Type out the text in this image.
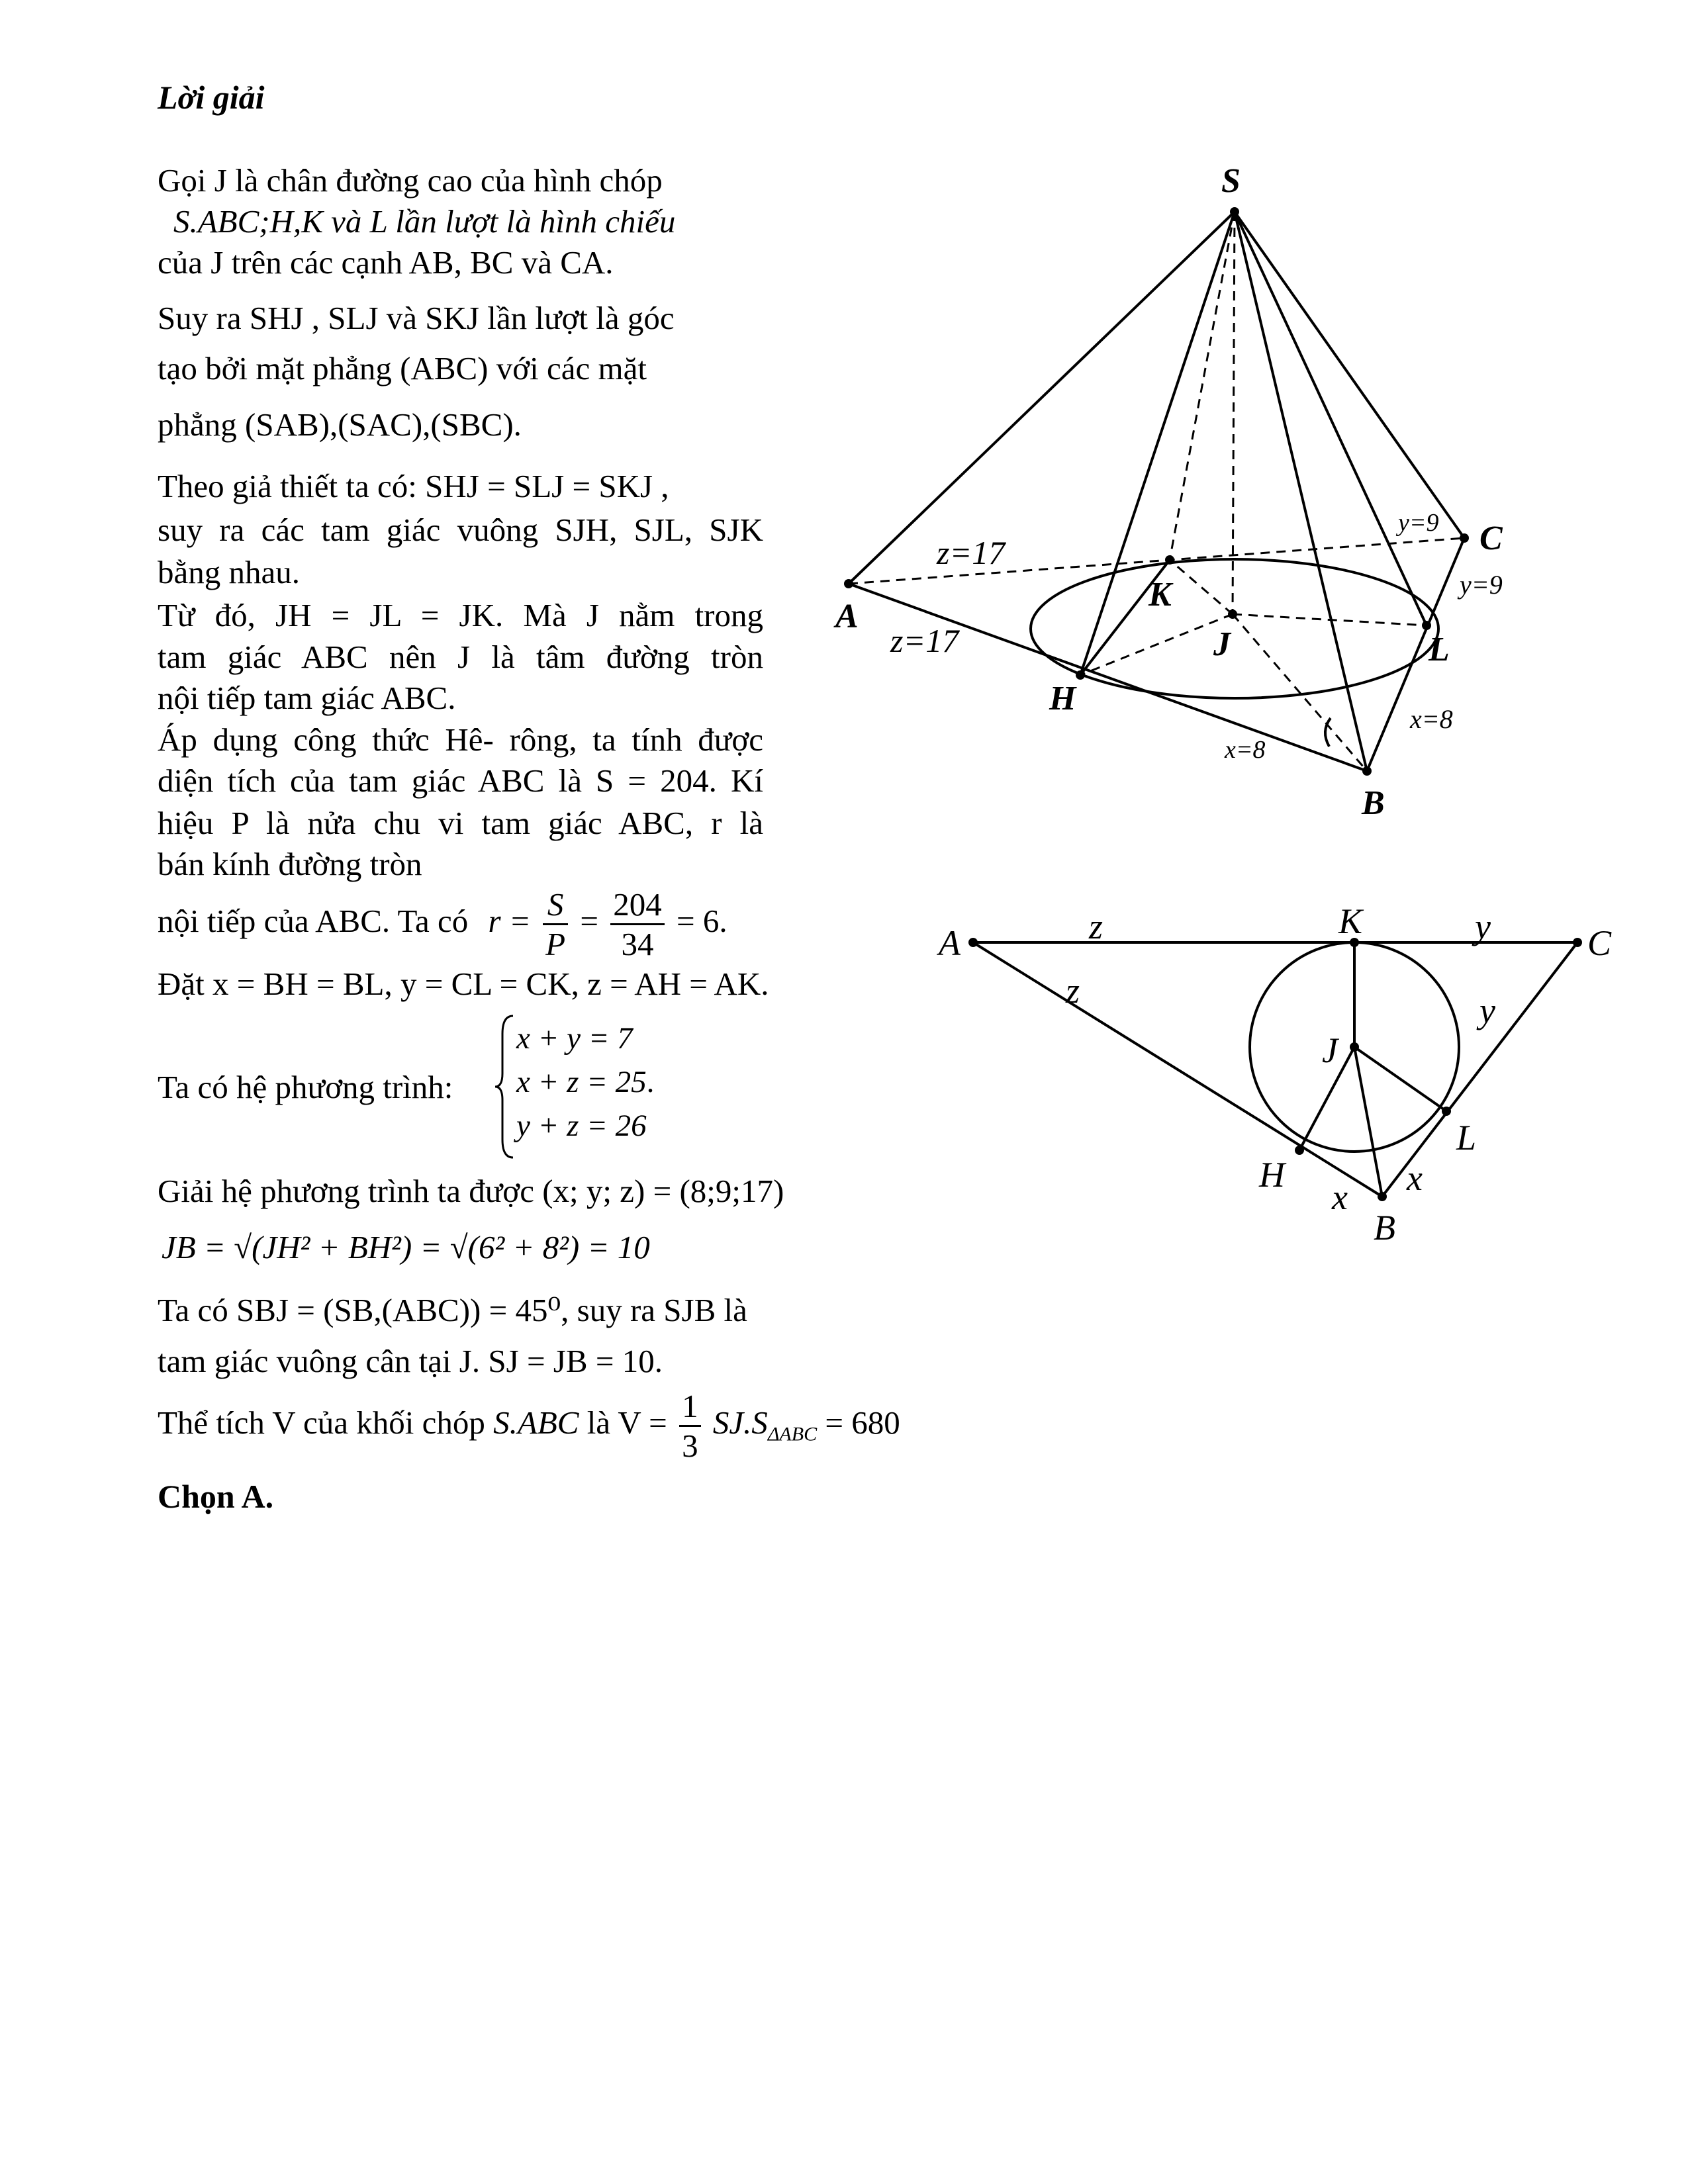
Lời giải
Gọi J là chân đường cao của hình chóp
S.ABC;H,K và L lần lượt là hình chiếu
của J trên các cạnh AB, BC và CA.
Suy ra SHJ , SLJ và SKJ lần lượt là góc
tạo bởi mặt phẳng (ABC) với các mặt
phẳng (SAB),(SAC),(SBC).
Theo giả thiết ta có: SHJ = SLJ = SKJ ,
suy ra các tam giác vuông SJH, SJL, SJK
bằng nhau.
Từ đó, JH = JL = JK. Mà J nằm trong
tam giác ABC nên J là tâm đường tròn
nội tiếp tam giác ABC.
Áp dụng công thức Hê- rông, ta tính được
diện tích của tam giác ABC là S = 204. Kí
hiệu P là nửa chu vi tam giác ABC, r là
bán kính đường tròn
nội tiếp của ABC. Ta có $r = \frac{S}{P} = \frac{204}{34} = 6$.
Đặt x = BH = BL, y = CL = CK, z = AH = AK.
Ta có hệ phương trình:
x + y = 7
x + z = 25.
y + z = 26
Giải hệ phương trình ta được (x; y; z) = (8;9;17)
JB = √(JH² + BH²) = √(6² + 8²) = 10
Ta có SBJ = (SB,(ABC)) = 45⁰, suy ra SJB là
tam giác vuông cân tại J. SJ = JB = 10.
Thể tích V của khối chóp S.ABC là $V = \frac{1}{3} SJ.S_{\Delta ABC} = 680$
Chọn A.
S
A
B
C
H
K
L
J
z=17
z=17
y=9
y=9
x=8
x=8
A
K
C
J
L
H
B
z
z
y
y
x x
